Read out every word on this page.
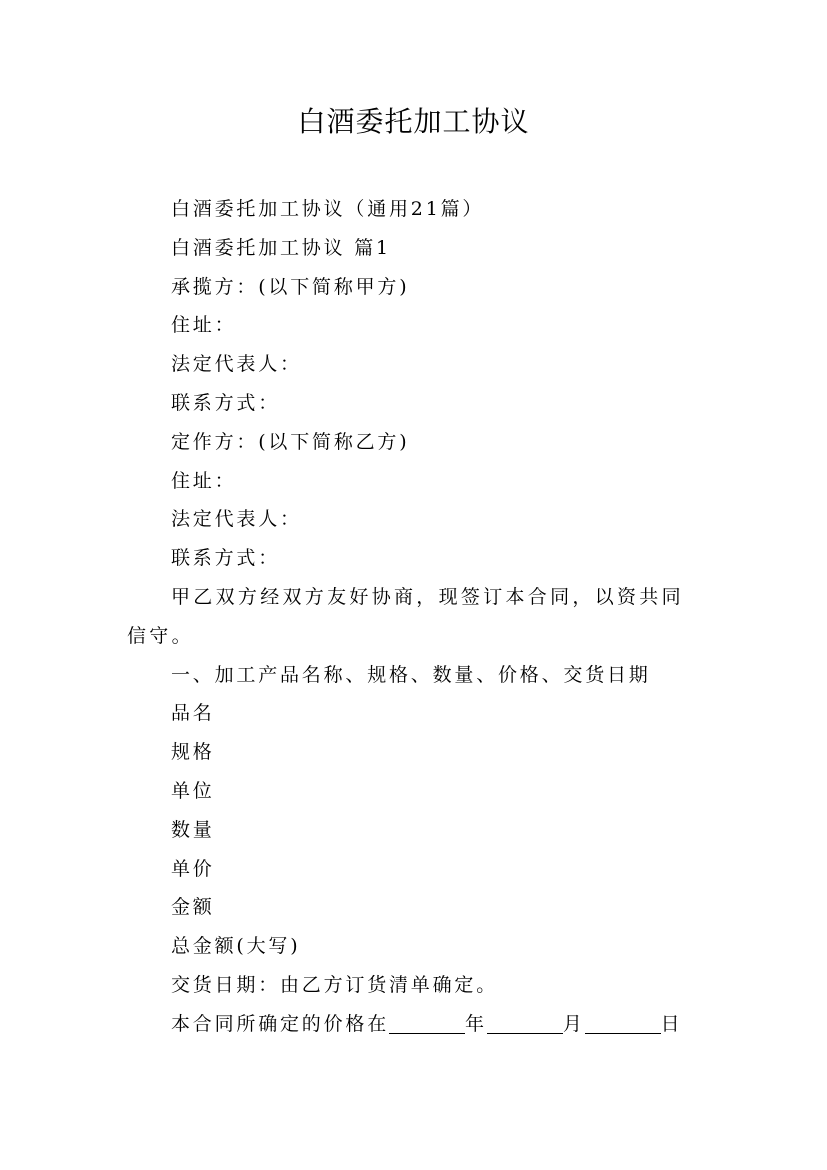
白酒委托加工协议

白酒委托加工协议（通用21篇）

白酒委托加工协议 篇1

承揽方：(以下简称甲方)

住址：

法定代表人：

联系方式：

定作方：(以下简称乙方)

住址：

法定代表人：

联系方式：

甲乙双方经双方友好协商，现签订本合同，以资共同信守。

一、加工产品名称、规格、数量、价格、交货日期

品名

规格

单位

数量

单价

金额

总金额(大写)

交货日期：由乙方订货清单确定。

本合同所确定的价格在	年	月	日
